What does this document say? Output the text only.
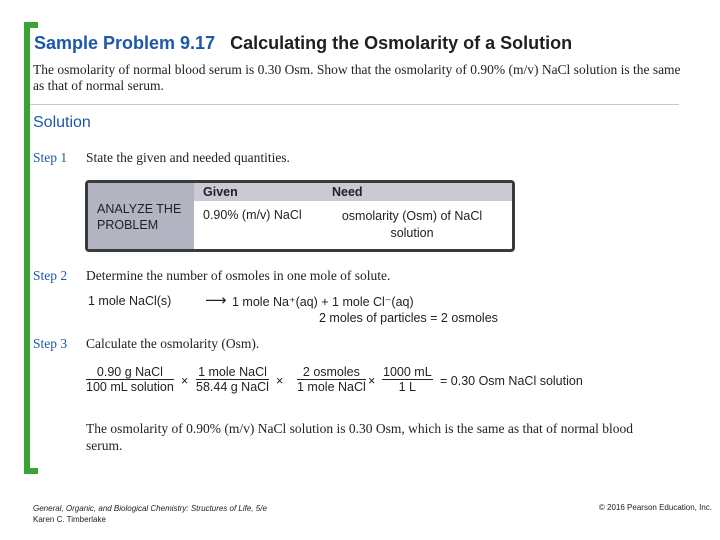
Sample Problem 9.17 Calculating the Osmolarity of a Solution
The osmolarity of normal blood serum is 0.30 Osm. Show that the osmolarity of 0.90% (m/v) NaCl solution is the same as that of normal serum.
Solution
Step 1 State the given and needed quantities.
ANALYZE THE PROBLEM
Given	Need
0.90% (m/v) NaCl	osmolarity (Osm) of NaCl solution
Step 2 Determine the number of osmoles in one mole of solute.
1 mole NaCl(s) ⟶ 1 mole Na⁺(aq) + 1 mole Cl⁻(aq)
2 moles of particles = 2 osmoles
Step 3 Calculate the osmolarity (Osm).
0.90 g NaCl
100 mL solution ×
1 mole NaCl
58.44 g NaCl ×
2 osmoles
1 mole NaCl × $\frac{1000 mL}{1 L} = 0.30$ Osm NaCl solution
The osmolarity of 0.90% (m/v) NaCl solution is 0.30 Osm, which is the same as that of normal blood serum.
General, Organic, and Biological Chemistry: Structures of Life, 5/e
Karen C. Timberlake
© 2016 Pearson Education, Inc.
